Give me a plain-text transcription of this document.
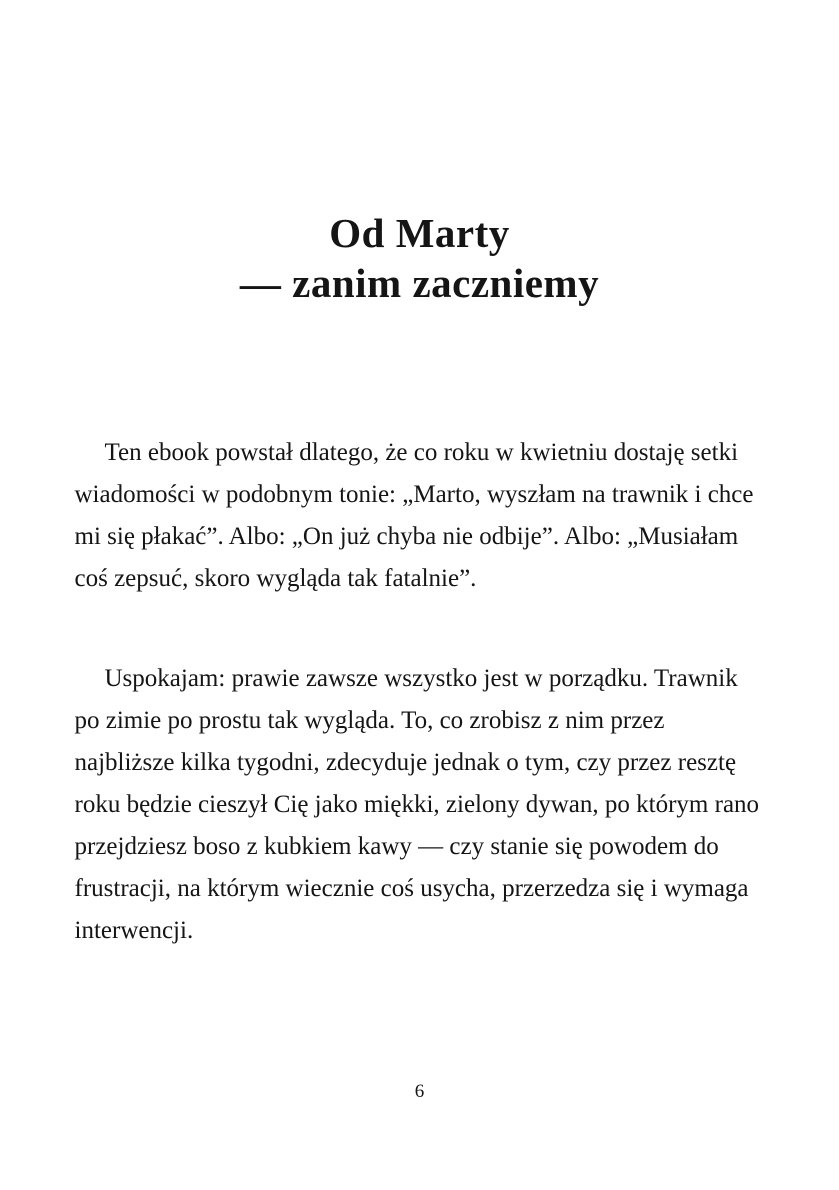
Od Marty
— zanim zaczniemy

Ten ebook powstał dlatego, że co roku w kwietniu dostaję setki wiadomości w podobnym tonie: „Marto, wyszłam na trawnik i chce mi się płakać”. Albo: „On już chyba nie odbije”. Albo: „Musiałam coś zepsuć, skoro wygląda tak fatalnie”.

Uspokajam: prawie zawsze wszystko jest w porządku. Trawnik po zimie po prostu tak wygląda. To, co zrobisz z nim przez najbliższe kilka tygodni, zdecyduje jednak o tym, czy przez resztę roku będzie cieszył Cię jako miękki, zielony dywan, po którym rano przejdziesz boso z kubkiem kawy — czy stanie się powodem do frustracji, na którym wiecznie coś usycha, przerzedza się i wymaga interwencji.

6
